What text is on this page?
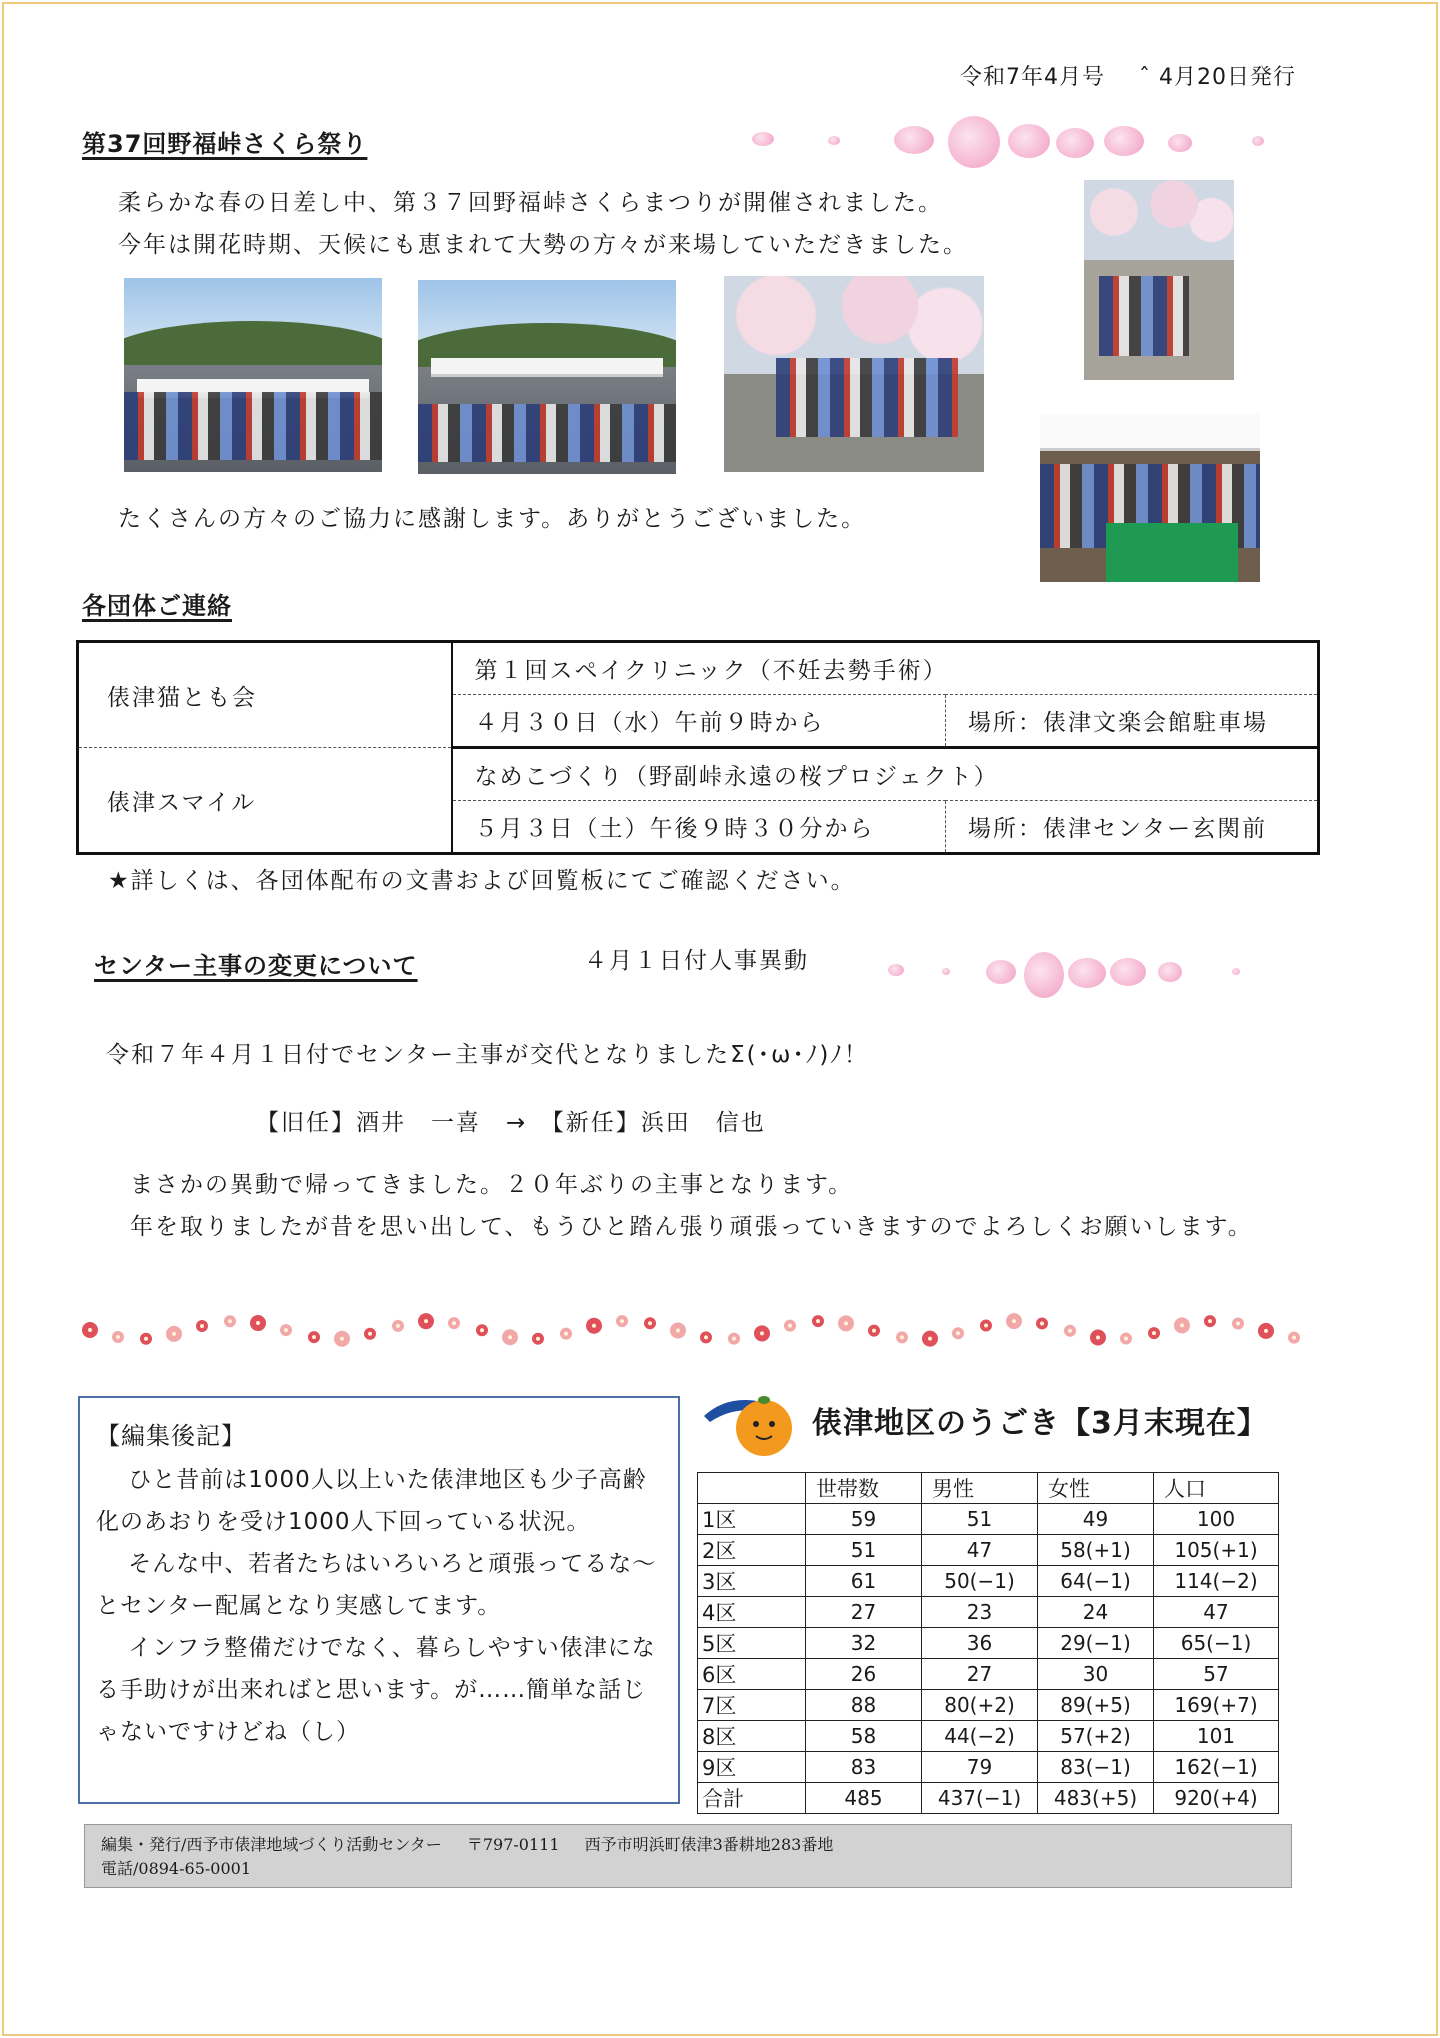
令和7年4月号 ˆ 4月20日発行
第37回野福峠さくら祭り
柔らかな春の日差し中、第３７回野福峠さくらまつりが開催されました。
今年は開花時期、天候にも恵まれて大勢の方々が来場していただきました。
たくさんの方々のご協力に感謝します。ありがとうございました。
各団体ご連絡
俵津猫とも会	第１回スペイクリニック（不妊去勢手術）	
	４月３０日（水）午前９時から	場所：俵津文楽会館駐車場
俵津スマイル	なめこづくり（野副峠永遠の桜プロジェクト）	
	５月３日（土）午後９時３０分から	場所：俵津センター玄関前
★詳しくは、各団体配布の文書および回覧板にてご確認ください。
センター主事の変更について	４月１日付人事異動
令和７年４月１日付でセンター主事が交代となりましたΣ(･ω･ﾉ)ﾉ！
【旧任】酒井　一喜　→　【新任】浜田　信也
まさかの異動で帰ってきました。２０年ぶりの主事となります。
年を取りましたが昔を思い出して、もうひと踏ん張り頑張っていきますのでよろしくお願いします。
【編集後記】

ひと昔前は1000人以上いた俵津地区も少子高齢化のあおりを受け1000人下回っている状況。

そんな中、若者たちはいろいろと頑張ってるな〜とセンター配属となり実感してます。

インフラ整備だけでなく、暮らしやすい俵津になる手助けが出来ればと思います。が……簡単な話じゃないですけどね（し）

俵津地区のうごき【3月末現在】
	世帯数	男性	女性	人口
1区	59	51	49	100
2区	51	47	58(+1)	105(+1)
3区	61	50(−1)	64(−1)	114(−2)
4区	27	23	24	47
5区	32	36	29(−1)	65(−1)
6区	26	27	30	57
7区	88	80(+2)	89(+5)	169(+7)
8区	58	44(−2)	57(+2)	101
9区	83	79	83(−1)	162(−1)
合計	485	437(−1)	483(+5)	920(+4)
編集・発行/西予市俵津地域づくり活動センター 〒797-0111 西予市明浜町俵津3番耕地283番地
電話/0894-65-0001
